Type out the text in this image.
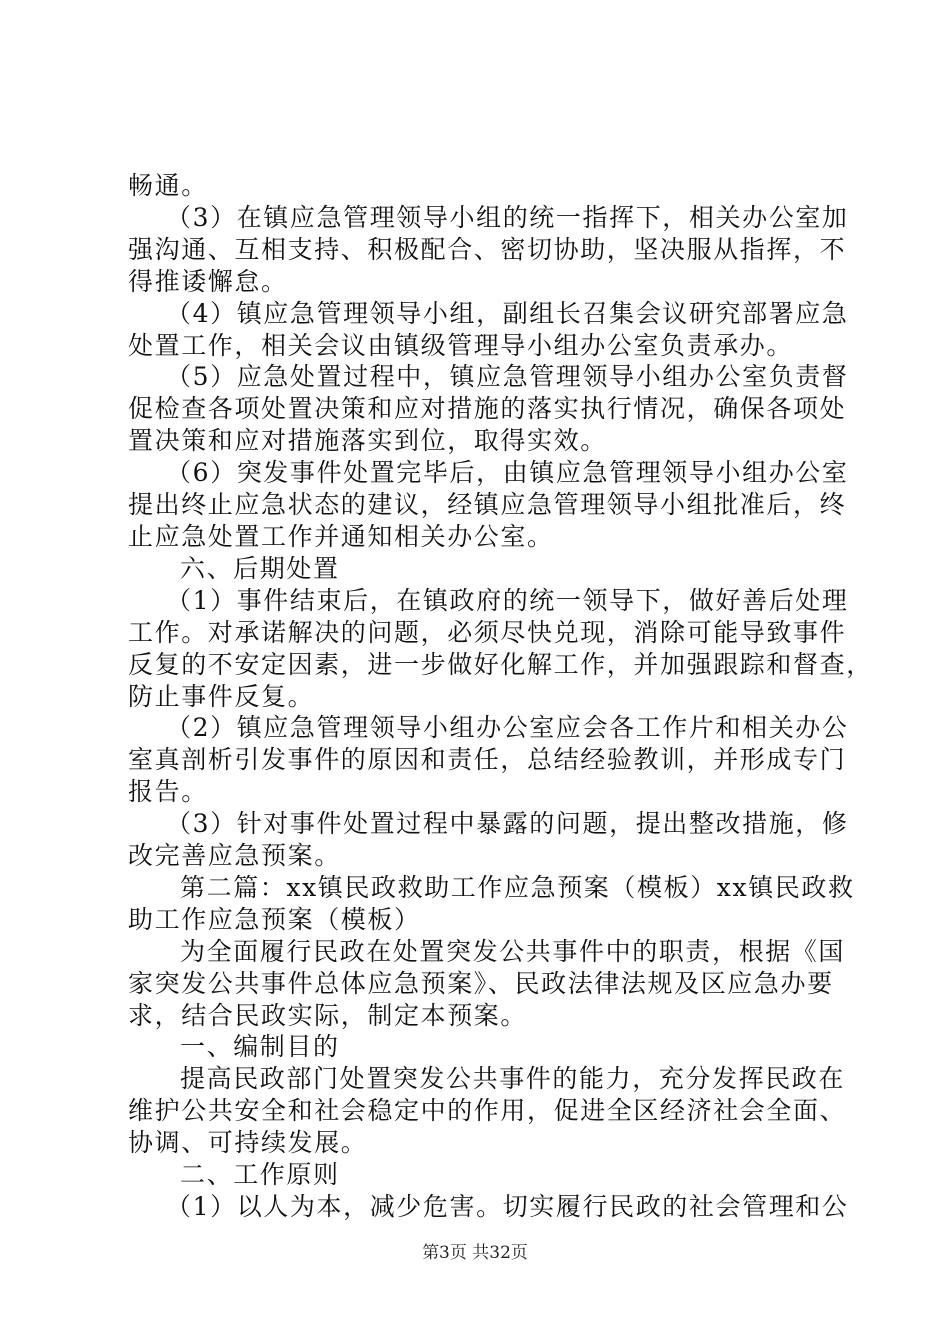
畅通。
（3）在镇应急管理领导小组的统一指挥下，相关办公室加
强沟通、互相支持、积极配合、密切协助，坚决服从指挥，不
得推诿懈怠。
（4）镇应急管理领导小组，副组长召集会议研究部署应急
处置工作，相关会议由镇级管理导小组办公室负责承办。
（5）应急处置过程中，镇应急管理领导小组办公室负责督
促检查各项处置决策和应对措施的落实执行情况，确保各项处
置决策和应对措施落实到位，取得实效。
（6）突发事件处置完毕后，由镇应急管理领导小组办公室
提出终止应急状态的建议，经镇应急管理领导小组批准后，终
止应急处置工作并通知相关办公室。
六、后期处置
（1）事件结束后，在镇政府的统一领导下，做好善后处理
工作。对承诺解决的问题，必须尽快兑现，消除可能导致事件
反复的不安定因素，进一步做好化解工作，并加强跟踪和督查，
防止事件反复。
（2）镇应急管理领导小组办公室应会各工作片和相关办公
室真剖析引发事件的原因和责任，总结经验教训，并形成专门
报告。
（3）针对事件处置过程中暴露的问题，提出整改措施，修
改完善应急预案。
第二篇：xx镇民政救助工作应急预案（模板）xx镇民政救
助工作应急预案（模板）
为全面履行民政在处置突发公共事件中的职责，根据《国
家突发公共事件总体应急预案》、民政法律法规及区应急办要
求，结合民政实际，制定本预案。
一、编制目的
提高民政部门处置突发公共事件的能力，充分发挥民政在
维护公共安全和社会稳定中的作用，促进全区经济社会全面、
协调、可持续发展。
二、工作原则
（1）以人为本，减少危害。切实履行民政的社会管理和公
第3页 共32页
